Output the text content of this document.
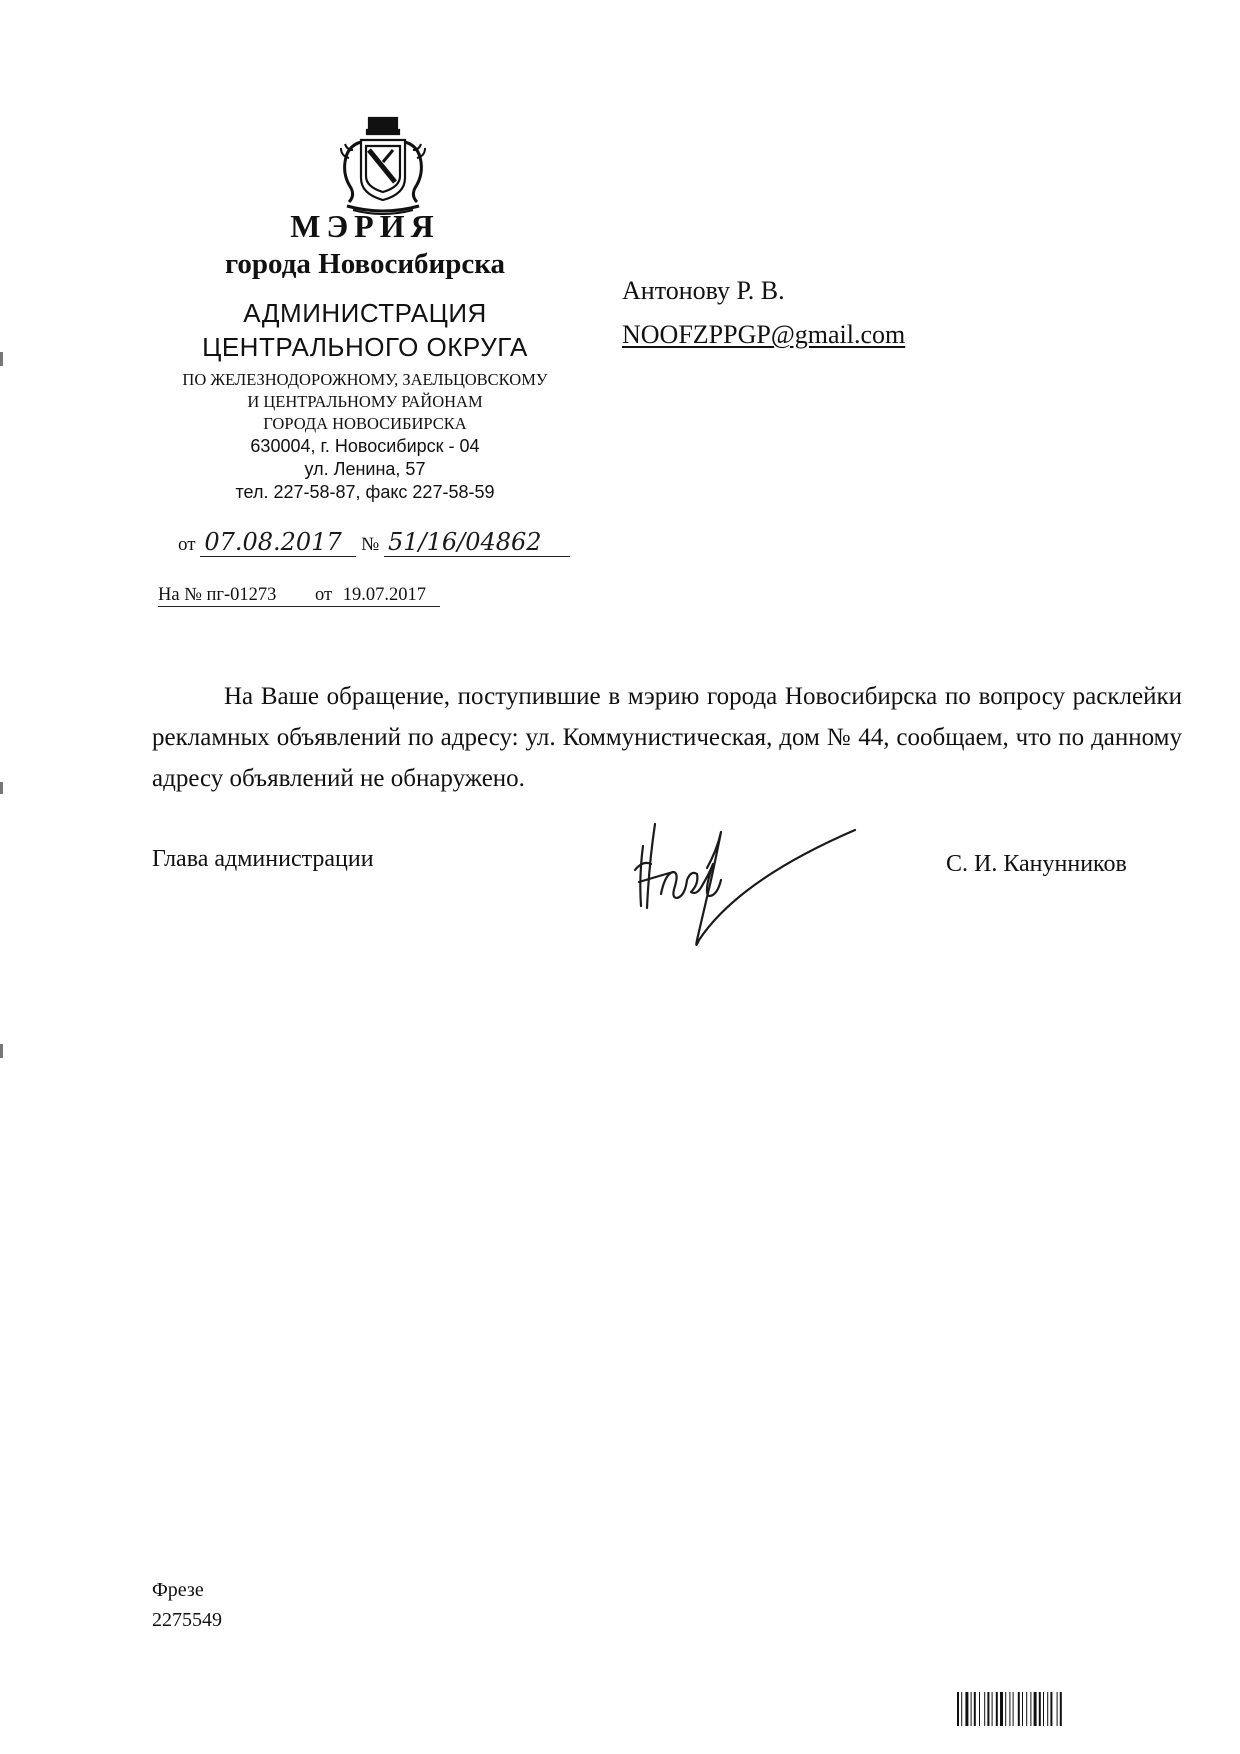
МЭРИЯ
города Новосибирска
АДМИНИСТРАЦИЯ
ЦЕНТРАЛЬНОГО ОКРУГА
ПО ЖЕЛЕЗНОДОРОЖНОМУ, ЗАЕЛЬЦОВСКОМУ
И ЦЕНТРАЛЬНОМУ РАЙОНАМ
ГОРОДА НОВОСИБИРСКА
630004, г. Новосибирск - 04
ул. Ленина, 57
тел. 227-58-87, факс 227-58-59
от 07.08.2017 № 51/16/04862
На № пг-01273 от 19.07.2017
Антонову Р. В.
NOOFZPPGP@gmail.com
На Ваше обращение, поступившие в мэрию города Новосибирска по вопросу расклейки рекламных объявлений по адресу: ул. Коммунистическая, дом № 44, сообщаем, что по данному адресу объявлений не обнаружено.
Глава администрации	С. И. Канунников
Фрезе
2275549
